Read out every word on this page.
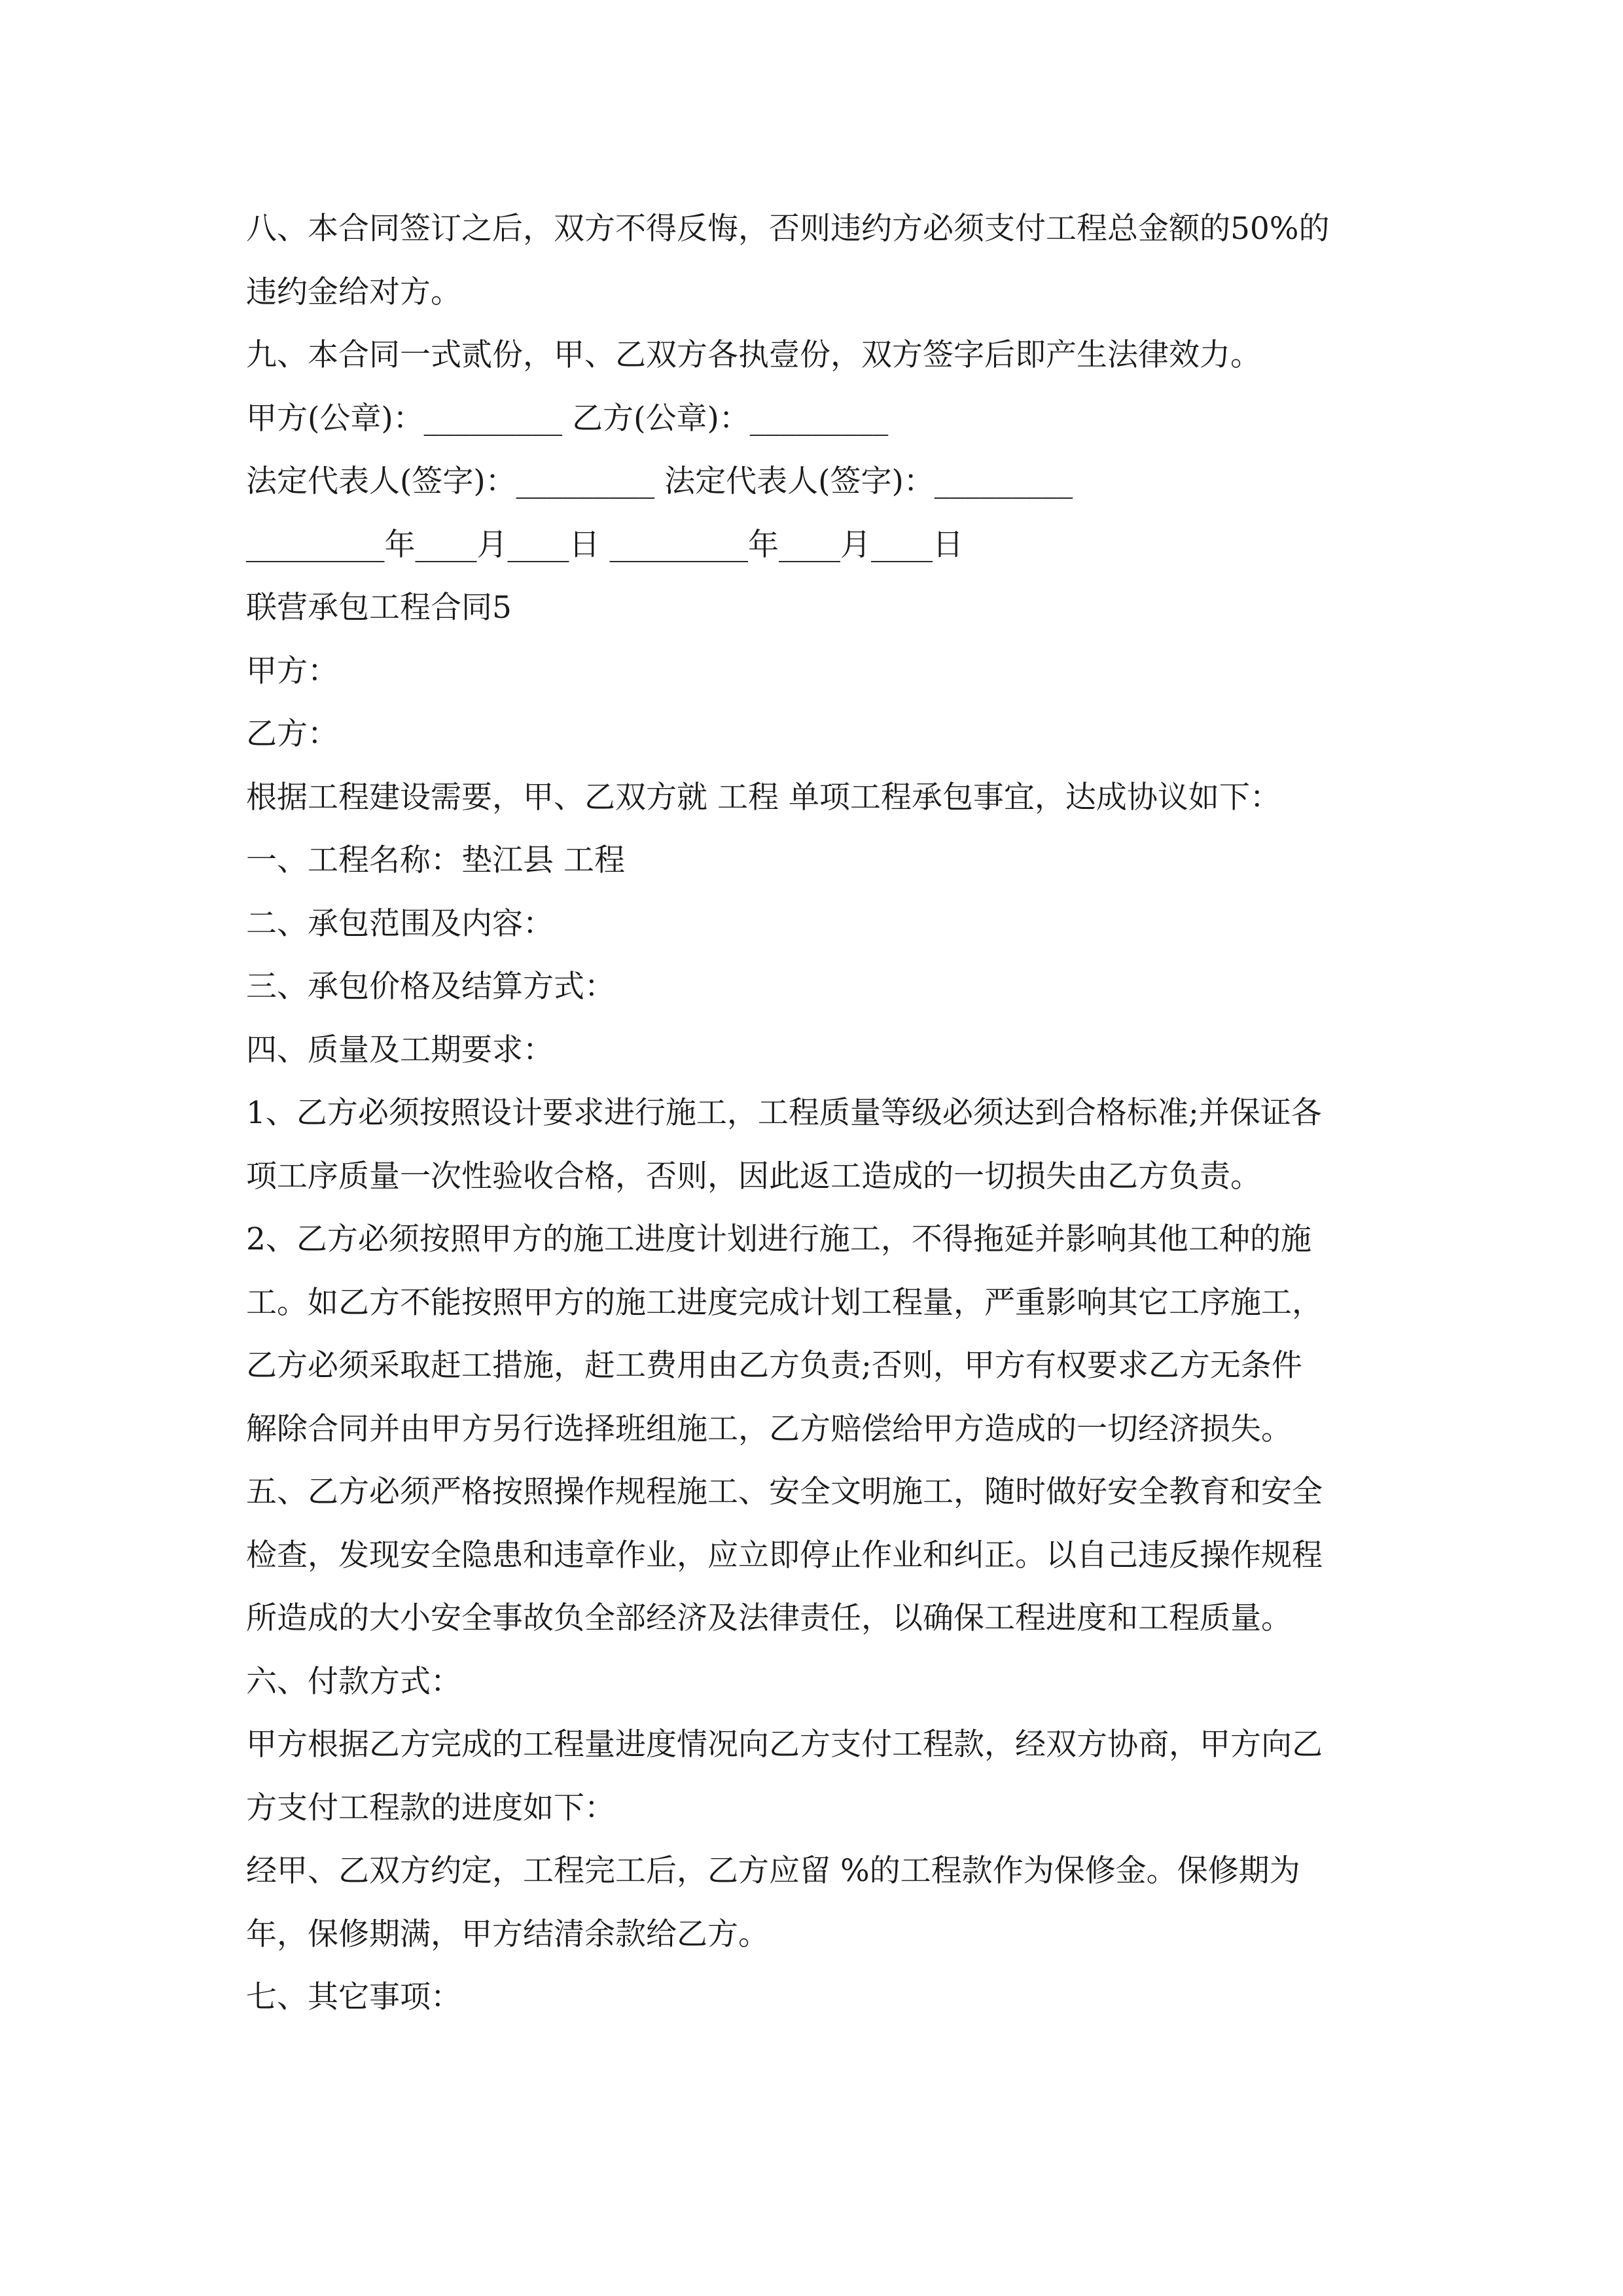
八、本合同签订之后，双方不得反悔，否则违约方必须支付工程总金额的50%的
违约金给对方。
九、本合同一式贰份，甲、乙双方各执壹份，双方签字后即产生法律效力。
甲方(公章)：_________ 乙方(公章)：_________
法定代表人(签字)：_________ 法定代表人(签字)：_________
_________年____月____日 _________年____月____日
联营承包工程合同5
甲方：
乙方：
根据工程建设需要，甲、乙双方就 工程 单项工程承包事宜，达成协议如下：
一、工程名称：垫江县 工程
二、承包范围及内容：
三、承包价格及结算方式：
四、质量及工期要求：
1、乙方必须按照设计要求进行施工，工程质量等级必须达到合格标准;并保证各
项工序质量一次性验收合格，否则，因此返工造成的一切损失由乙方负责。
2、乙方必须按照甲方的施工进度计划进行施工，不得拖延并影响其他工种的施
工。如乙方不能按照甲方的施工进度完成计划工程量，严重影响其它工序施工，
乙方必须采取赶工措施，赶工费用由乙方负责;否则，甲方有权要求乙方无条件
解除合同并由甲方另行选择班组施工，乙方赔偿给甲方造成的一切经济损失。
五、乙方必须严格按照操作规程施工、安全文明施工，随时做好安全教育和安全
检查，发现安全隐患和违章作业，应立即停止作业和纠正。以自己违反操作规程
所造成的大小安全事故负全部经济及法律责任，以确保工程进度和工程质量。
六、付款方式：
甲方根据乙方完成的工程量进度情况向乙方支付工程款，经双方协商，甲方向乙
方支付工程款的进度如下：
经甲、乙双方约定，工程完工后，乙方应留 %的工程款作为保修金。保修期为
年，保修期满，甲方结清余款给乙方。
七、其它事项：
